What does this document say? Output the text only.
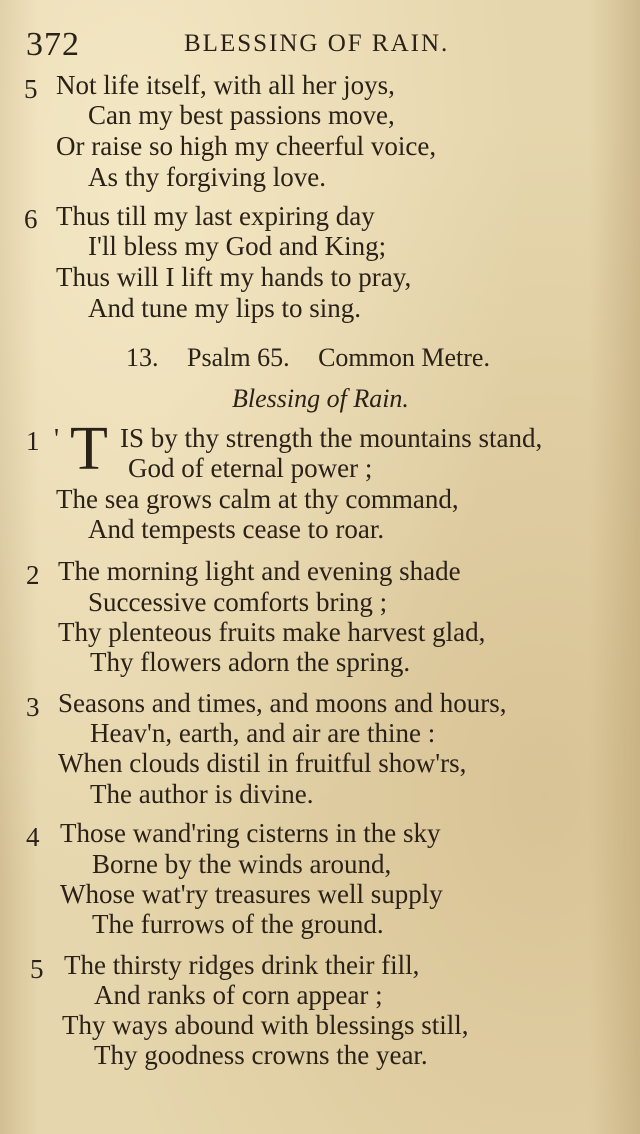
372	BLESSING OF RAIN.
5 Not life itself, with all her joys,
Can my best passions move,
Or raise so high my cheerful voice,
As thy forgiving love.
6 Thus till my last expiring day
I'll bless my God and King;
Thus will I lift my hands to pray,
And tune my lips to sing.
13. Psalm 65. Common Metre.
Blessing of Rain.
1 ' T IS by thy strength the mountains stand,
God of eternal power ;
The sea grows calm at thy command,
And tempests cease to roar.
2 The morning light and evening shade
Successive comforts bring ;
Thy plenteous fruits make harvest glad,
Thy flowers adorn the spring.
3 Seasons and times, and moons and hours,
Heav'n, earth, and air are thine :
When clouds distil in fruitful show'rs,
The author is divine.
4 Those wand'ring cisterns in the sky
Borne by the winds around,
Whose wat'ry treasures well supply
The furrows of the ground.
5 The thirsty ridges drink their fill,
And ranks of corn appear ;
Thy ways abound with blessings still,
Thy goodness crowns the year.
